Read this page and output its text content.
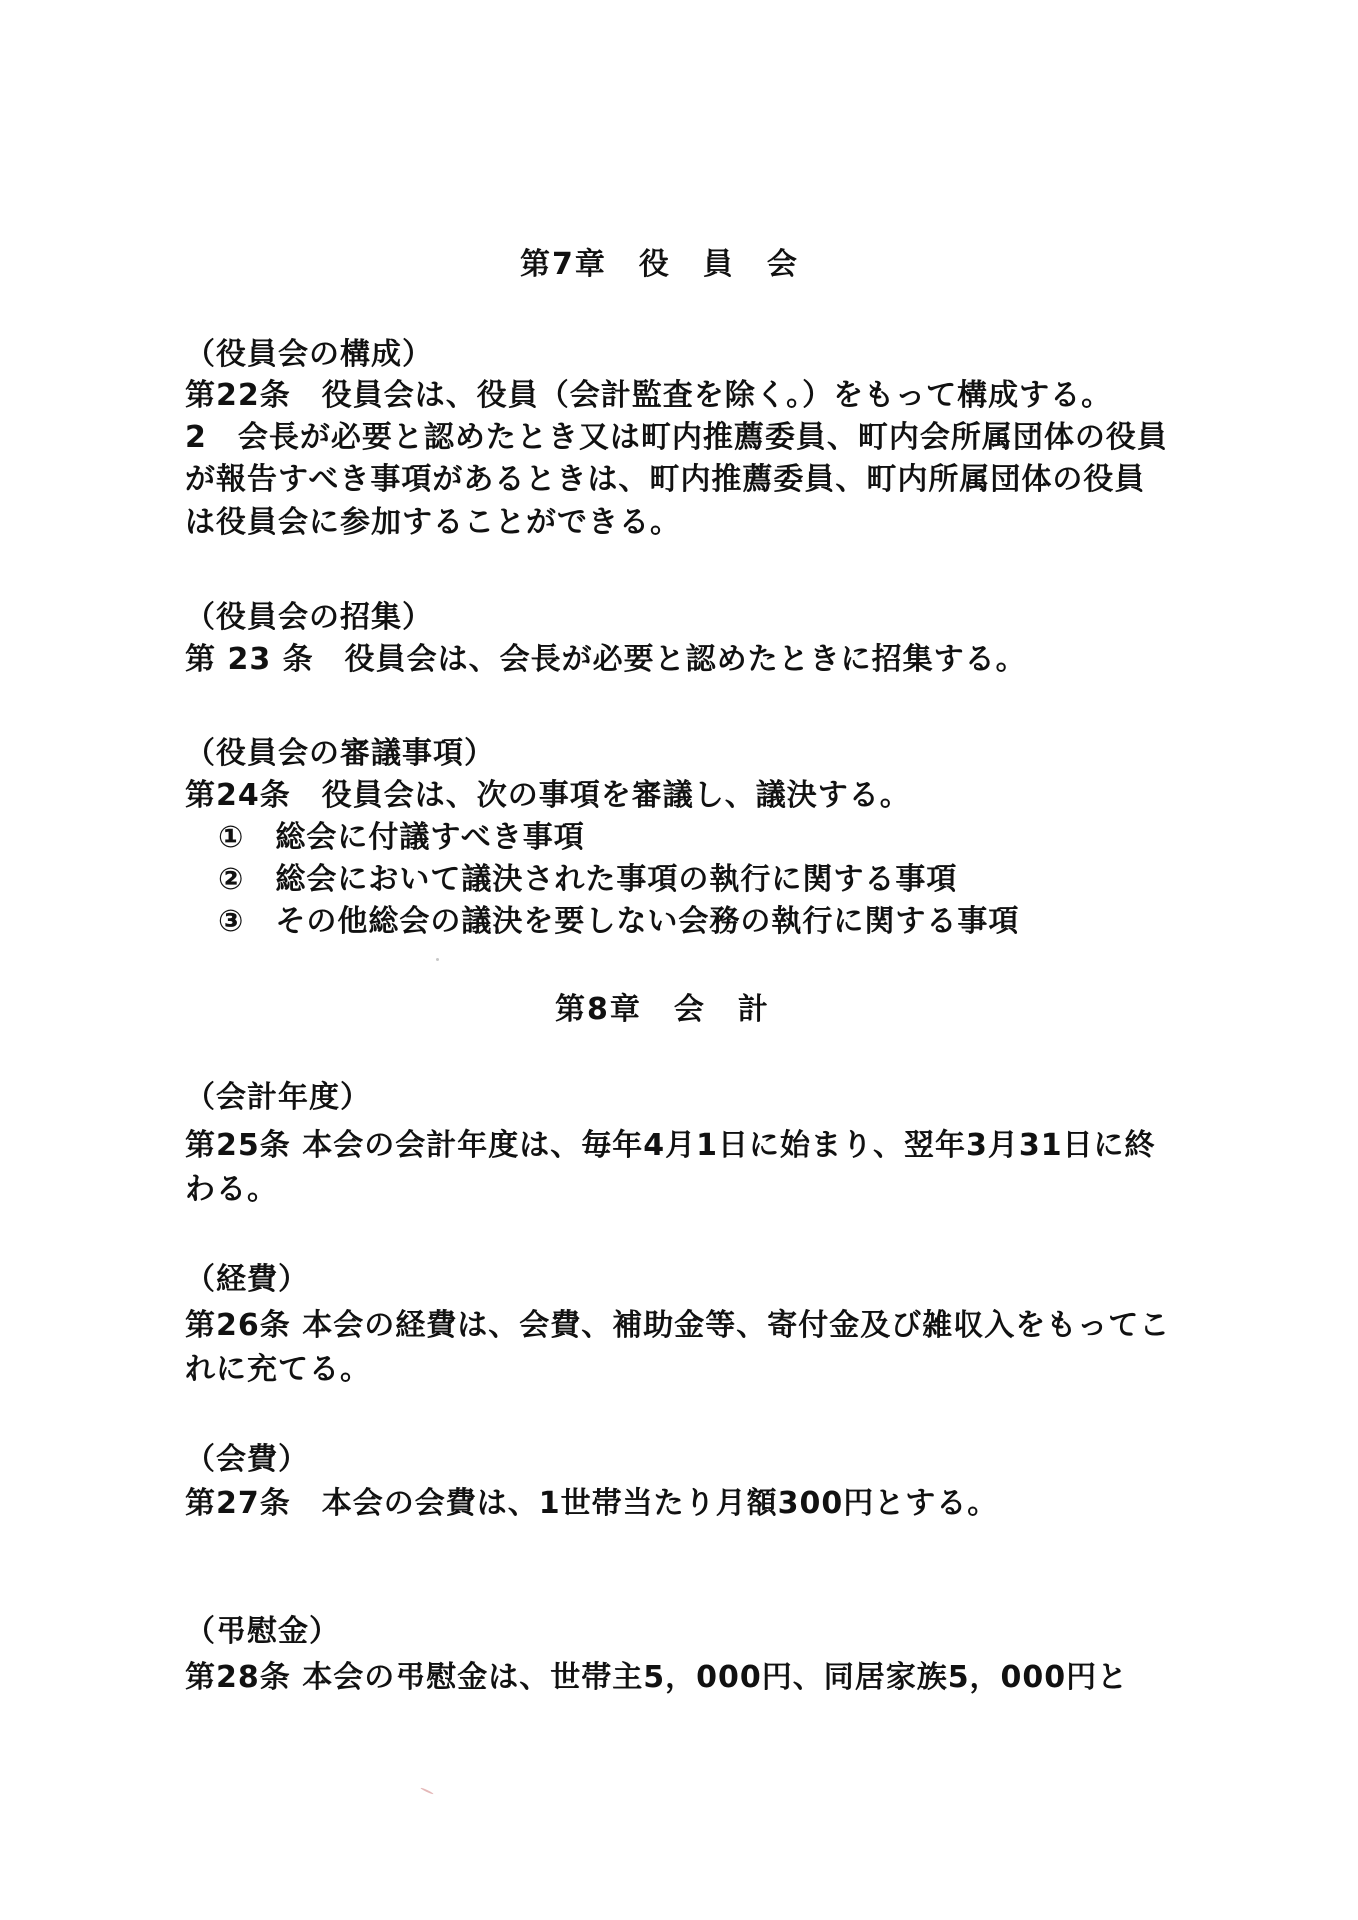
第7章　役　員　会
（役員会の構成）
第22条　役員会は、役員（会計監査を除く。）をもって構成する。
2　会長が必要と認めたとき又は町内推薦委員、町内会所属団体の役員
が報告すべき事項があるときは、町内推薦委員、町内所属団体の役員
は役員会に参加することができる。
（役員会の招集）
第 23 条　役員会は、会長が必要と認めたときに招集する。
（役員会の審議事項）
第24条　役員会は、次の事項を審議し、議決する。
①　総会に付議すべき事項
②　総会において議決された事項の執行に関する事項
③　その他総会の議決を要しない会務の執行に関する事項
第8章　会　計
（会計年度）
第25条 本会の会計年度は、毎年4月1日に始まり、翌年3月31日に終
わる。
（経費）
第26条 本会の経費は、会費、補助金等、寄付金及び雑収入をもってこ
れに充てる。
（会費）
第27条　本会の会費は、1世帯当たり月額300円とする。
（弔慰金）
第28条 本会の弔慰金は、世帯主5，000円、同居家族5，000円と
